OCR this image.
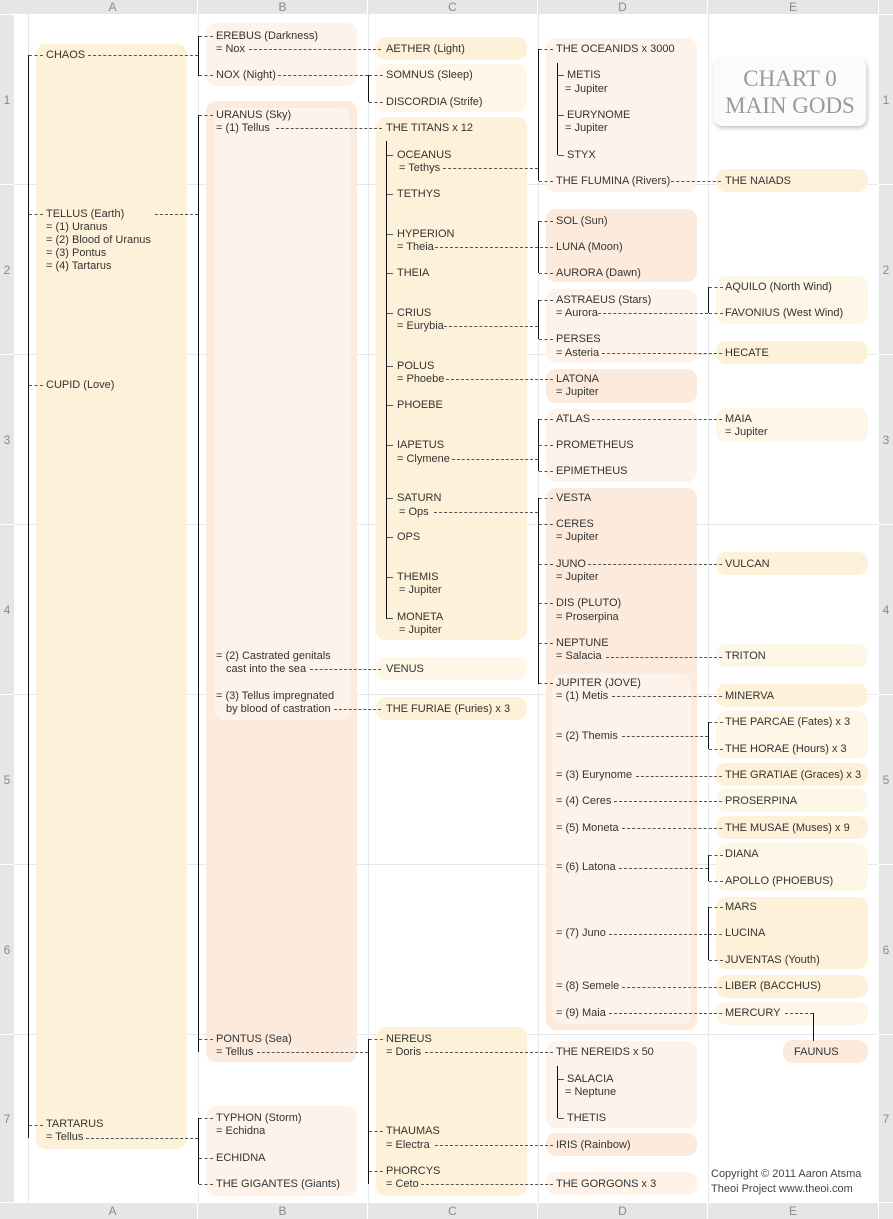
A	B	C	D	E
A	B	C	D	E
1
2
3
4
5
6
7
1
2
3
4
5
6
7
CHART 0
MAIN GODS
CHAOS
TELLUS (Earth)
= (1) Uranus
= (2) Blood of Uranus
= (3) Pontus
= (4) Tartarus
CUPID (Love)
TARTARUS
= Tellus
EREBUS (Darkness)
= Nox
NOX (Night)
URANUS (Sky)
= (1) Tellus
= (2) Castrated genitals
cast into the sea
= (3) Tellus impregnated
by blood of castration
PONTUS (Sea)
= Tellus
TYPHON (Storm)
= Echidna
ECHIDNA
THE GIGANTES (Giants)
AETHER (Light)
SOMNUS (Sleep)
DISCORDIA (Strife)
THE TITANS x 12
OCEANUS
= Tethys
TETHYS
HYPERION
= Theia
THEIA
CRIUS
= Eurybia
POLUS
= Phoebe
PHOEBE
IAPETUS
= Clymene
SATURN
= Ops
OPS
THEMIS
= Jupiter
MONETA
= Jupiter
VENUS
THE FURIAE (Furies) x 3
NEREUS
= Doris
THAUMAS
= Electra
PHORCYS
= Ceto
THE OCEANIDS x 3000
METIS
= Jupiter
EURYNOME
= Jupiter
STYX
THE FLUMINA (Rivers)
SOL (Sun)
LUNA (Moon)
AURORA (Dawn)
ASTRAEUS (Stars)
= Aurora
PERSES
= Asteria
LATONA
= Jupiter
ATLAS
PROMETHEUS
EPIMETHEUS
VESTA
CERES
= Jupiter
JUNO
= Jupiter
DIS (PLUTO)
= Proserpina
NEPTUNE
= Salacia
JUPITER (JOVE)
= (1) Metis
= (2) Themis
= (3) Eurynome
= (4) Ceres
= (5) Moneta
= (6) Latona
= (7) Juno
= (8) Semele
= (9) Maia
THE NEREIDS x 50
SALACIA
= Neptune
THETIS
IRIS (Rainbow)
THE GORGONS x 3
THE NAIADS
AQUILO (North Wind)
FAVONIUS (West Wind)
HECATE
MAIA
= Jupiter
VULCAN
TRITON
MINERVA
THE PARCAE (Fates) x 3
THE HORAE (Hours) x 3
THE GRATIAE (Graces) x 3
PROSERPINA
THE MUSAE (Muses) x 9
DIANA
APOLLO (PHOEBUS)
MARS
LUCINA
JUVENTAS (Youth)
LIBER (BACCHUS)
MERCURY
FAUNUS
Copyright © 2011 Aaron Atsma
Theoi Project www.theoi.com
